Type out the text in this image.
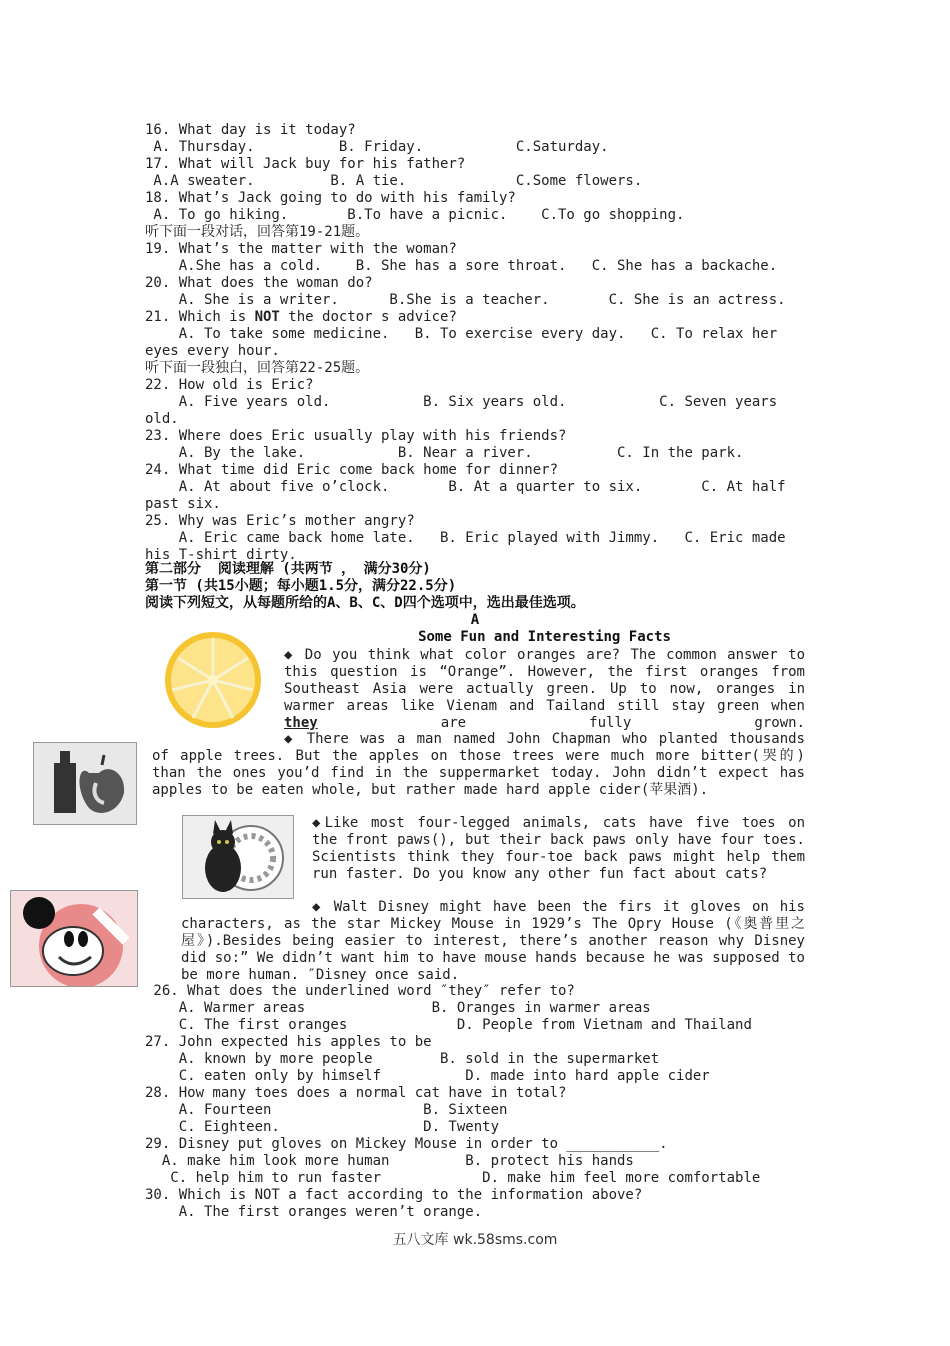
16. What day is it today?
A. Thursday.          B. Friday.           C.Saturday.
17. What will Jack buy for his father?
A.A sweater.         B. A tie.             C.Some flowers.
18. What’s Jack going to do with his family?
A. To go hiking.       B.To have a picnic.    C.To go shopping.
听下面一段对话，回答第19-21题。
19. What’s the matter with the woman?
A.She has a cold.    B. She has a sore throat.   C. She has a backache.
20. What does the woman do?
A. She is a writer.      B.She is a teacher.       C. She is an actress.
21. Which is NOT the doctor s advice?
A. To take some medicine.   B. To exercise every day.   C. To relax her
eyes every hour.
听下面一段独白，回答第22-25题。
22. How old is Eric?
A. Five years old.           B. Six years old.           C. Seven years
old.
23. Where does Eric usually play with his friends?
A. By the lake.           B. Near a river.          C. In the park.
24. What time did Eric come back home for dinner?
A. At about five o’clock.       B. At a quarter to six.       C. At half
past six.
25. Why was Eric’s mother angry?
A. Eric came back home late.   B. Eric played with Jimmy.   C. Eric made
his T-shirt dirty.
第二部分  阅读理解 (共两节 ， 满分30分)
第一节 (共15小题；每小题1.5分，满分22.5分)
阅读下列短文，从每题所给的A、B、C、D四个选项中，选出最佳选项。
A
Some Fun and Interesting Facts
◆ Do you think what color oranges are? The common answer to
this question is “Orange”. However, the first oranges from
Southeast Asia were actually green. Up to now, oranges in
warmer areas like Vienam and Tailand still stay green when
they are fully grown.
◆ There was a man named John Chapman who planted thousands
of apple trees. But the apples on those trees were much more bitter(哭的)
than the ones you’d find in the suppermarket today. John didn’t expect has
apples to be eaten whole, but rather made hard apple cider(苹果酒).
◆Like most four-legged animals, cats have five toes on
the front paws(), but their back paws only have four toes.
Scientists think they four-toe back paws might help them
run faster. Do you know any other fun fact about cats?
◆ Walt Disney might have been the firs it gloves on his
characters, as the star Mickey Mouse in 1929’s The Opry House (《奥普里之
屋》).Besides being easier to interest, there’s another reason why Disney
did so:” We didn’t want him to have mouse hands because he was supposed to
be more human. ″Disney once said.
26. What does the underlined word ″they″ refer to?
A. Warmer areas               B. Oranges in warmer areas
C. The first oranges             D. People from Vietnam and Thailand
27. John expected his apples to be
A. known by more people        B. sold in the supermarket
C. eaten only by himself          D. made into hard apple cider
28. How many toes does a normal cat have in total?
A. Fourteen                  B. Sixteen
C. Eighteen.                 D. Twenty
29. Disney put gloves on Mickey Mouse in order to ___________.
A. make him look more human         B. protect his hands
C. help him to run faster            D. make him feel more comfortable
30. Which is NOT a fact according to the information above?
A. The first oranges weren’t orange.
五八文库 wk.58sms.com
